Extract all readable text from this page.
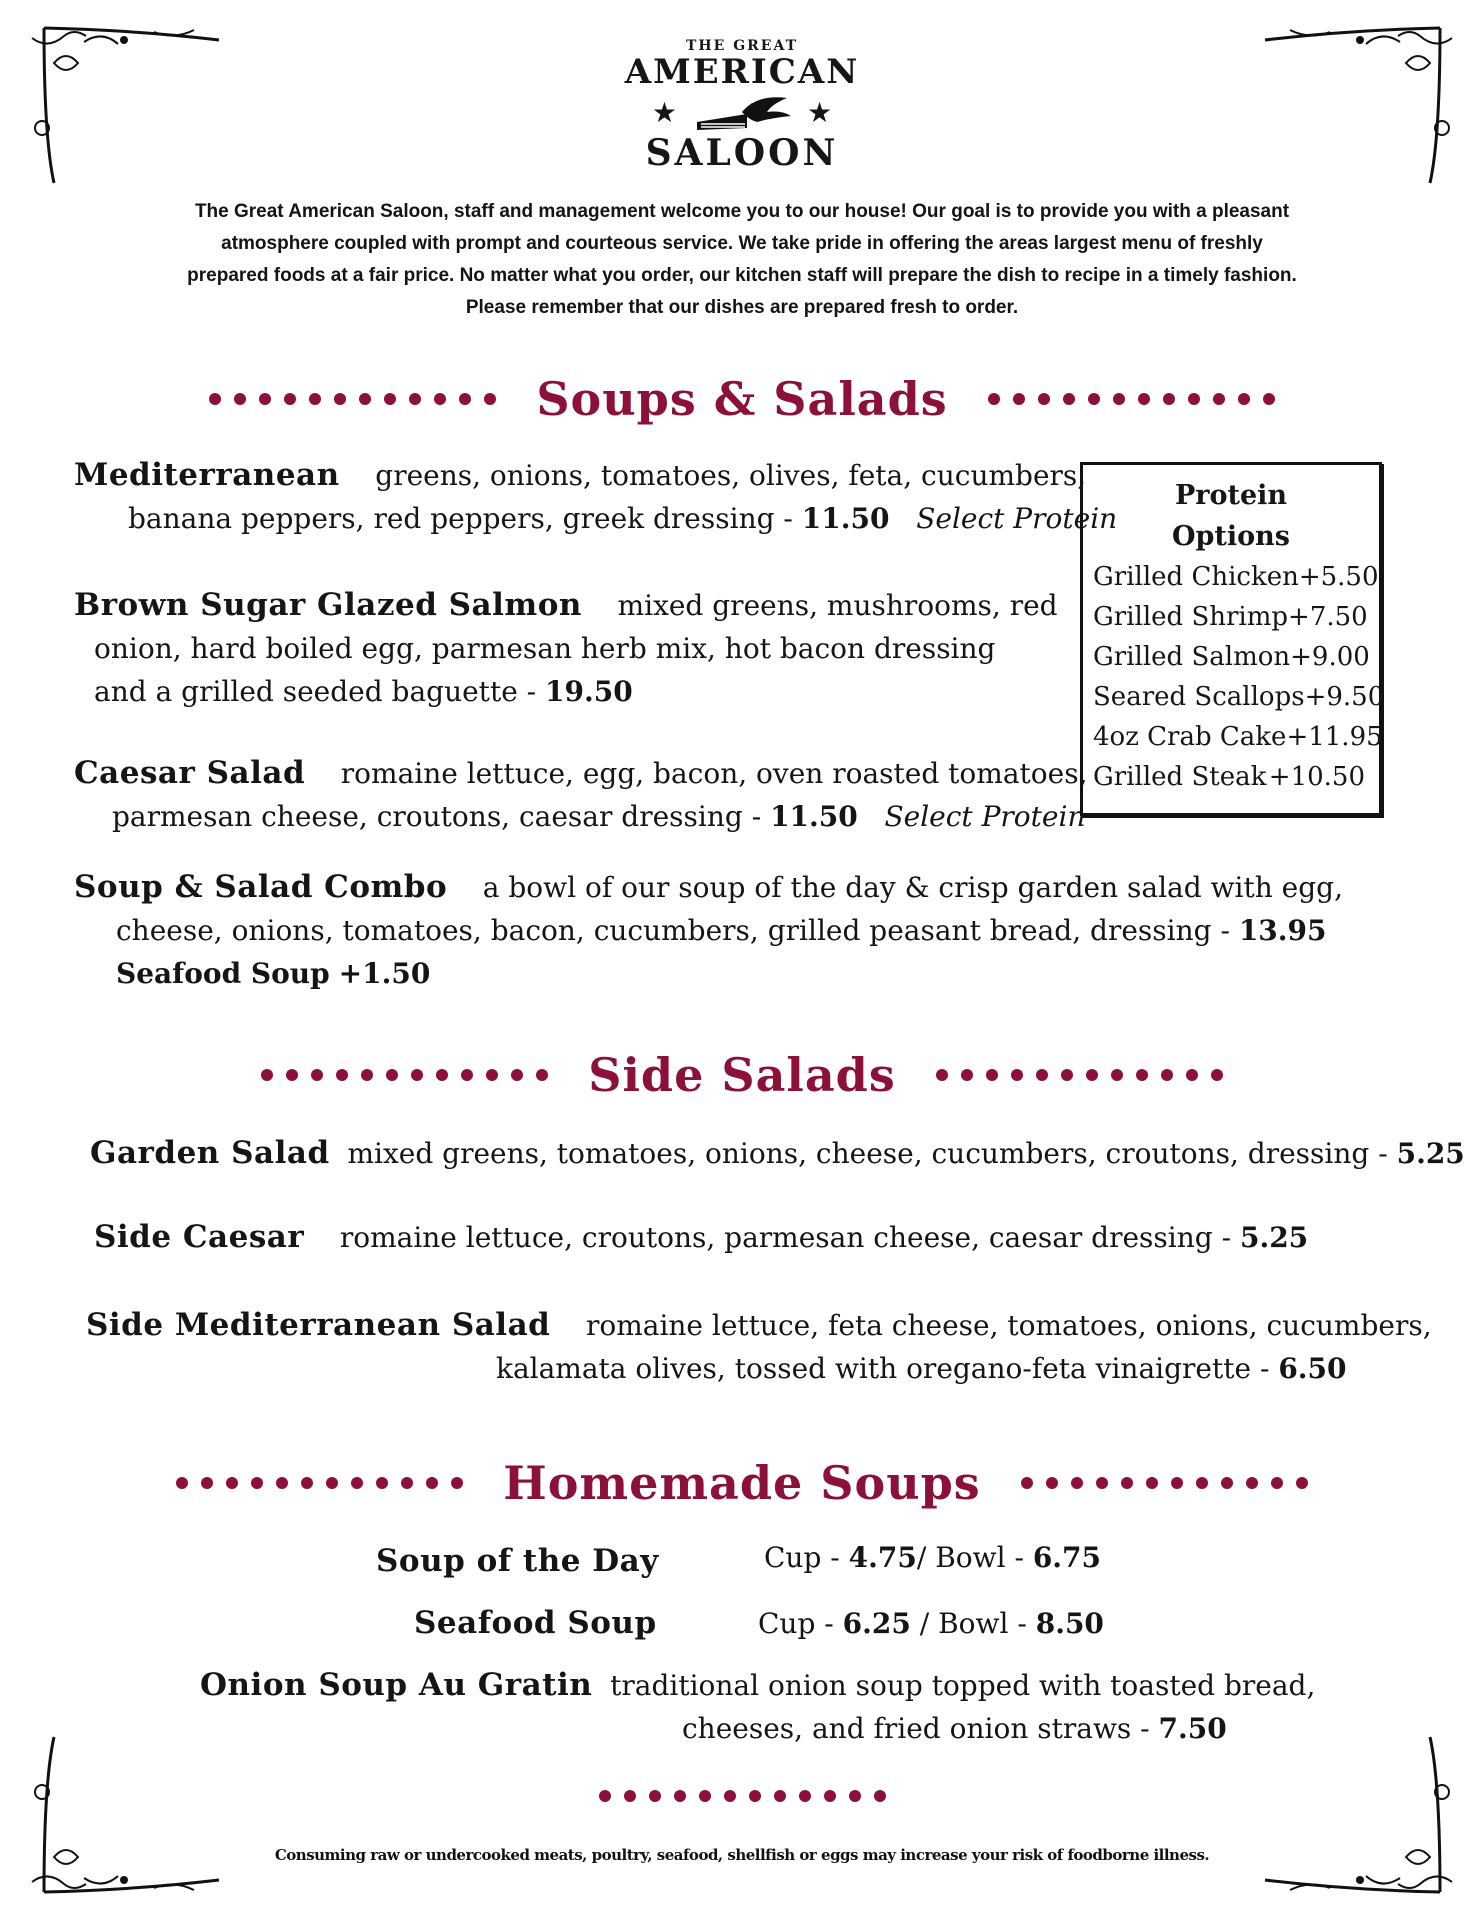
THE GREAT
AMERICAN
★	★
SALOON
The Great American Saloon, staff and management welcome you to our house! Our goal is to provide you with a pleasant atmosphere coupled with prompt and courteous service. We take pride in offering the areas largest menu of freshly prepared foods at a fair price. No matter what you order, our kitchen staff will prepare the dish to recipe in a timely fashion. Please remember that our dishes are prepared fresh to order.
Soups & Salads
Mediterranean greens, onions, tomatoes, olives, feta, cucumbers,
banana peppers, red peppers, greek dressing - 11.50 Select Protein
Brown Sugar Glazed Salmon mixed greens, mushrooms, red
onion, hard boiled egg, parmesan herb mix, hot bacon dressing
and a grilled seeded baguette - 19.50
Caesar Salad romaine lettuce, egg, bacon, oven roasted tomatoes,
parmesan cheese, croutons, caesar dressing - 11.50 Select Protein
Soup & Salad Combo a bowl of our soup of the day & crisp garden salad with egg,
cheese, onions, tomatoes, bacon, cucumbers, grilled peasant bread, dressing - 13.95
Seafood Soup +1.50
Protein
Options
Grilled Chicken +5.50
Grilled Shrimp +7.50
Grilled Salmon +9.00
Seared Scallops +9.50
4oz Crab Cake +11.95
Grilled Steak +10.50
Side Salads
Garden Salad mixed greens, tomatoes, onions, cheese, cucumbers, croutons, dressing - 5.25
Side Caesar romaine lettuce, croutons, parmesan cheese, caesar dressing - 5.25
Side Mediterranean Salad romaine lettuce, feta cheese, tomatoes, onions, cucumbers,
kalamata olives, tossed with oregano-feta vinaigrette - 6.50
Homemade Soups
Soup of the Day	Cup - 4.75/ Bowl - 6.75
Seafood Soup	Cup - 6.25 / Bowl - 8.50
Onion Soup Au Gratin traditional onion soup topped with toasted bread,
cheeses, and fried onion straws - 7.50
Consuming raw or undercooked meats, poultry, seafood, shellfish or eggs may increase your risk of foodborne illness.
